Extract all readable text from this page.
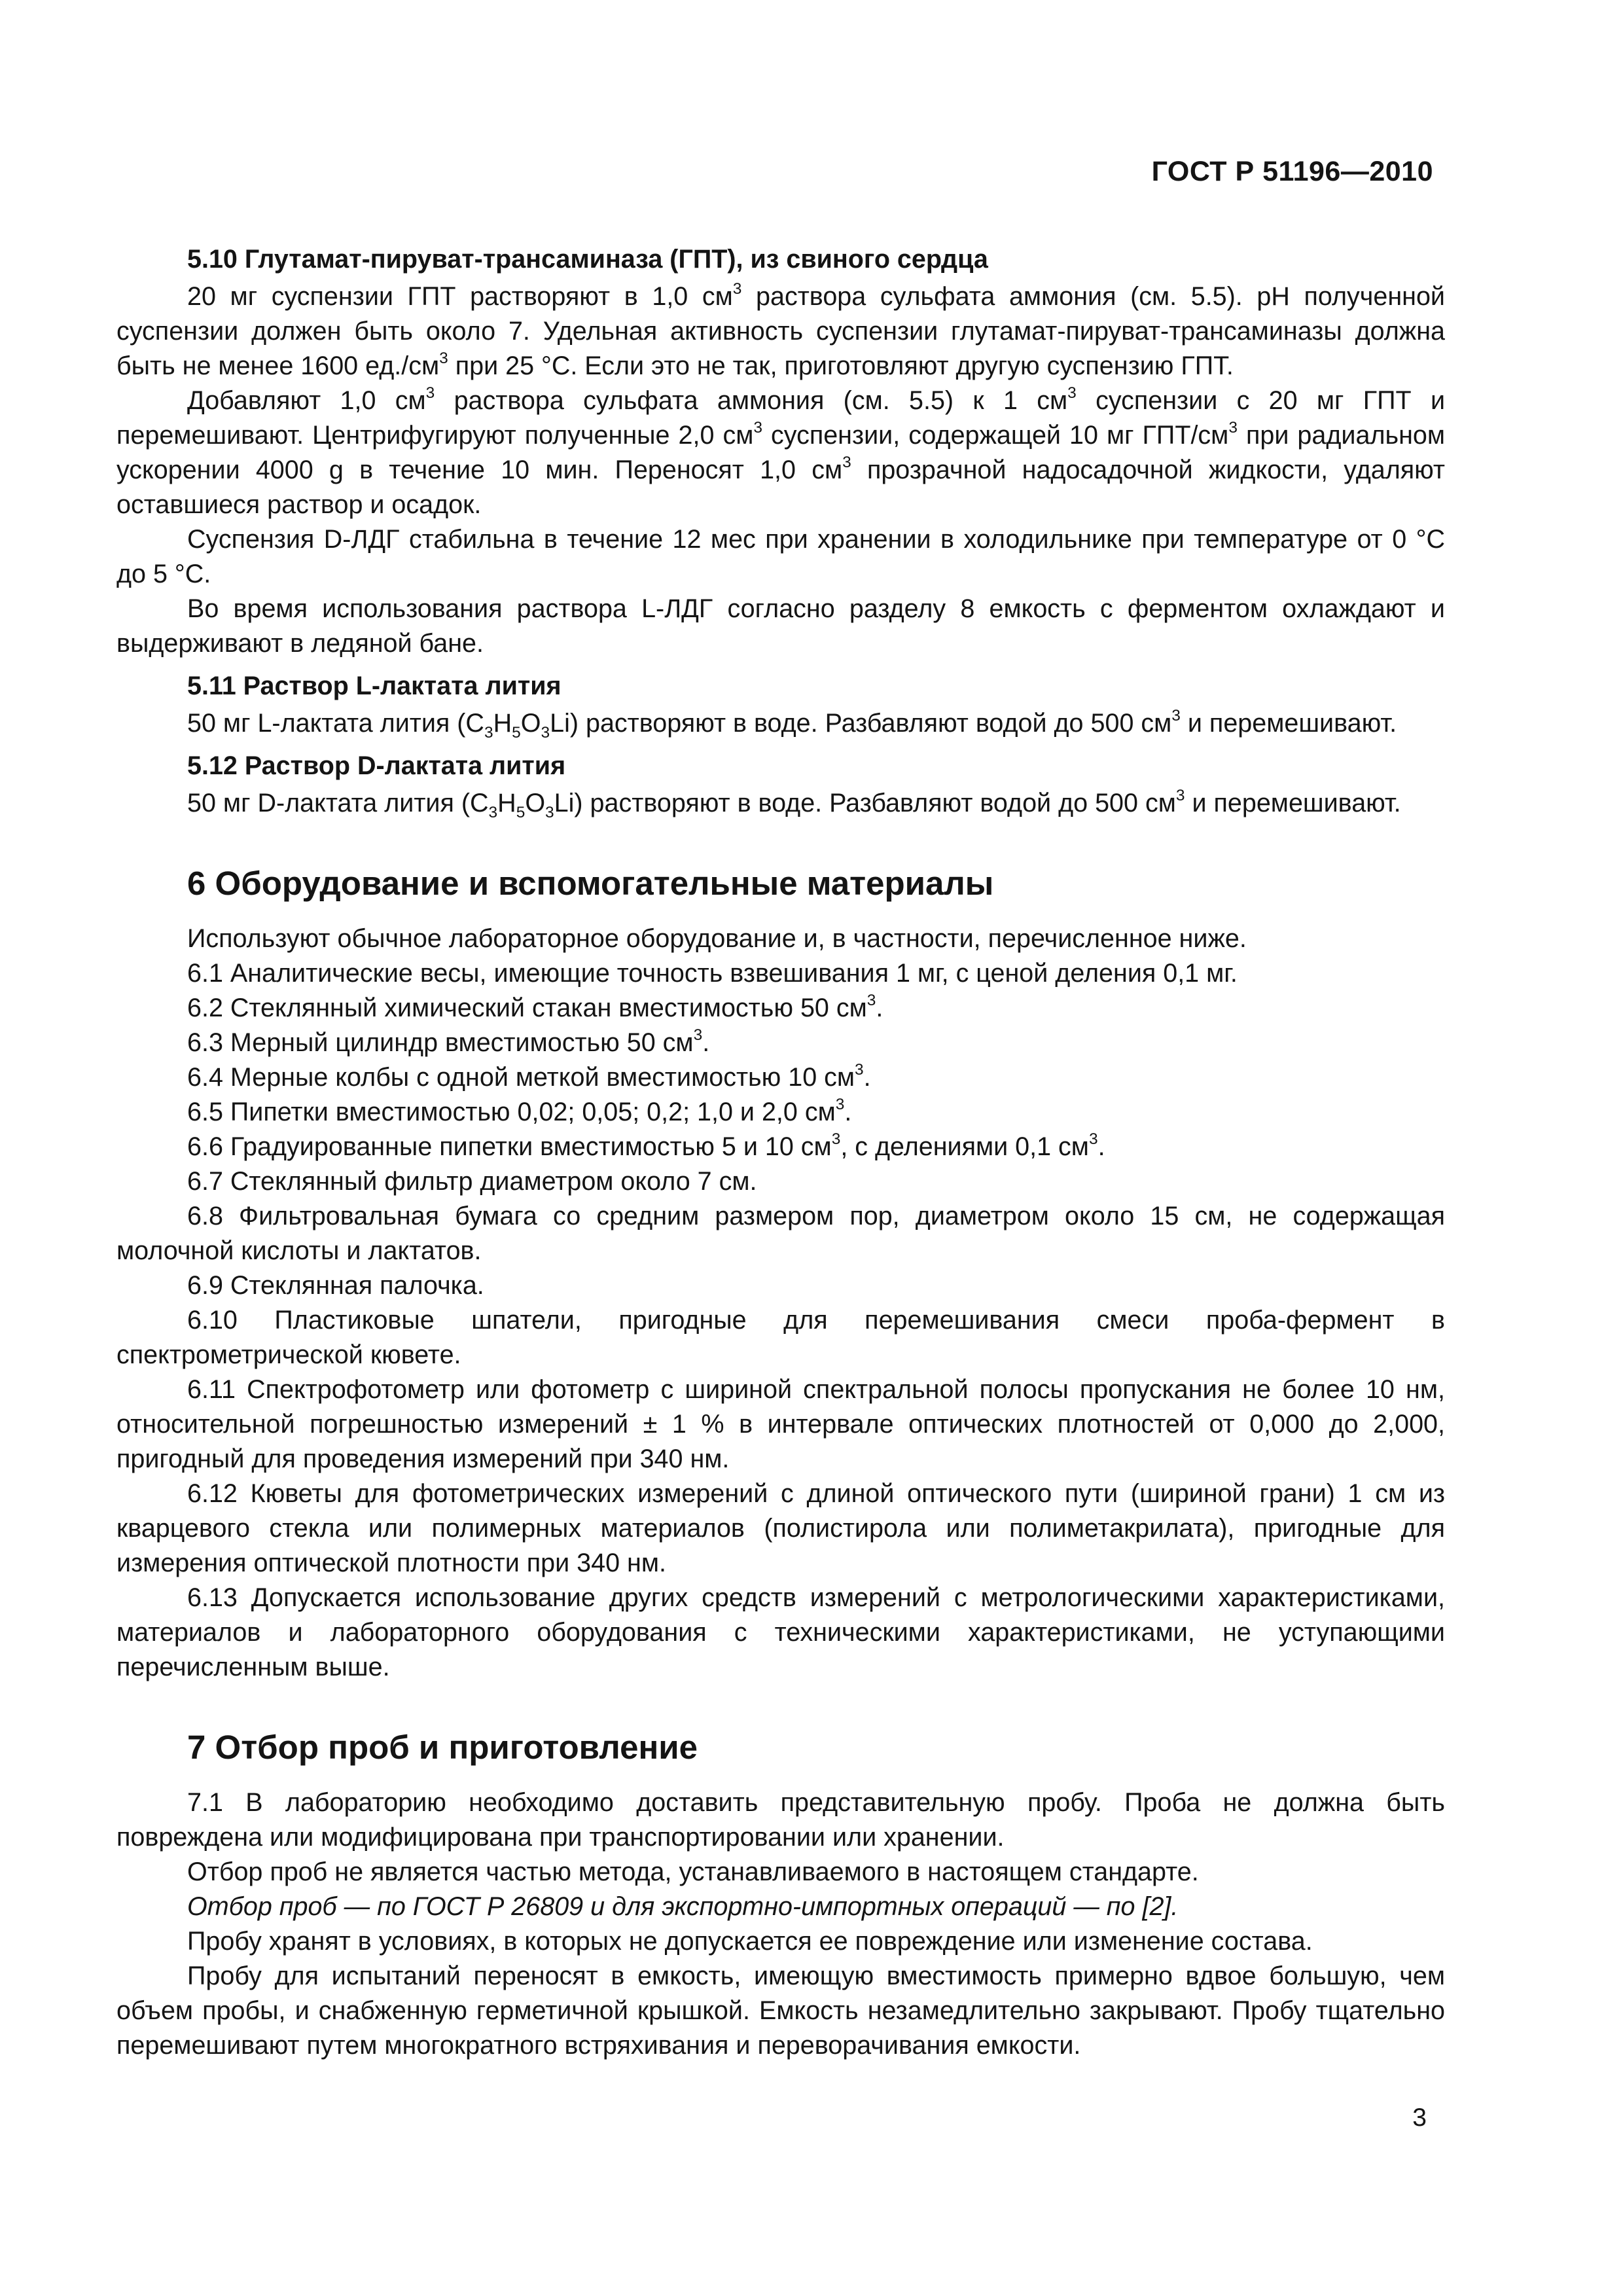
ГОСТ Р 51196—2010
5.10 Глутамат-пируват-трансаминаза (ГПТ), из свиного сердца

20 мг суспензии ГПТ растворяют в 1,0 $см^3$ раствора сульфата аммония (см. 5.5). pH полученной суспензии должен быть около 7. Удельная активность суспензии глутамат-пируват-трансаминазы должна быть не менее 1600 $ед./см^3$ при 25 °С. Если это не так, приготовляют другую суспензию ГПТ.

Добавляют 1,0 $см^3$ раствора сульфата аммония (см. 5.5) к 1 $см^3$ суспензии с 20 мг ГПТ и перемешивают. Центрифугируют полученные 2,0 $см^3$ суспензии, содержащей 10 мг ГПТ/$см^3$ при радиальном ускорении 4000 g в течение 10 мин. Переносят 1,0 $см^3$ прозрачной надосадочной жидкости, удаляют оставшиеся раствор и осадок.

Суспензия D-ЛДГ стабильна в течение 12 мес при хранении в холодильнике при температуре от 0 °С до 5 °С.

Во время использования раствора L-ЛДГ согласно разделу 8 емкость с ферментом охлаждают и выдерживают в ледяной бане.

5.11 Раствор L-лактата лития

50 мг L-лактата лития $(С_3Н_5О_3Li)$ растворяют в воде. Разбавляют водой до 500 $см^3$ и перемешивают.

5.12 Раствор D-лактата лития

50 мг D-лактата лития $(С_3Н_5О_3Li)$ растворяют в воде. Разбавляют водой до 500 $см^3$ и перемешивают.

6 Оборудование и вспомогательные материалы

Используют обычное лабораторное оборудование и, в частности, перечисленное ниже.

6.1 Аналитические весы, имеющие точность взвешивания 1 мг, с ценой деления 0,1 мг.

6.2 Стеклянный химический стакан вместимостью 50 $см^3$.

6.3 Мерный цилиндр вместимостью 50 $см^3$.

6.4 Мерные колбы с одной меткой вместимостью 10 $см^3$.

6.5 Пипетки вместимостью 0,02; 0,05; 0,2; 1,0 и 2,0 $см^3$.

6.6 Градуированные пипетки вместимостью 5 и 10 $см^3$, с делениями 0,1 $см^3$.

6.7 Стеклянный фильтр диаметром около 7 см.

6.8 Фильтровальная бумага со средним размером пор, диаметром около 15 см, не содержащая молочной кислоты и лактатов.

6.9 Стеклянная палочка.

6.10 Пластиковые шпатели, пригодные для перемешивания смеси проба-фермент в спектрометрической кювете.

6.11 Спектрофотометр или фотометр с шириной спектральной полосы пропускания не более 10 нм, относительной погрешностью измерений ± 1 % в интервале оптических плотностей от 0,000 до 2,000, пригодный для проведения измерений при 340 нм.

6.12 Кюветы для фотометрических измерений с длиной оптического пути (шириной грани) 1 см из кварцевого стекла или полимерных материалов (полистирола или полиметакрилата), пригодные для измерения оптической плотности при 340 нм.

6.13 Допускается использование других средств измерений с метрологическими характеристиками, материалов и лабораторного оборудования с техническими характеристиками, не уступающими перечисленным выше.

7 Отбор проб и приготовление

7.1 В лабораторию необходимо доставить представительную пробу. Проба не должна быть повреждена или модифицирована при транспортировании или хранении.

Отбор проб не является частью метода, устанавливаемого в настоящем стандарте.

Отбор проб — по ГОСТ Р 26809 и для экспортно-импортных операций — по [2].

Пробу хранят в условиях, в которых не допускается ее повреждение или изменение состава.

Пробу для испытаний переносят в емкость, имеющую вместимость примерно вдвое большую, чем объем пробы, и снабженную герметичной крышкой. Емкость незамедлительно закрывают. Пробу тщательно перемешивают путем многократного встряхивания и переворачивания емкости.

3
